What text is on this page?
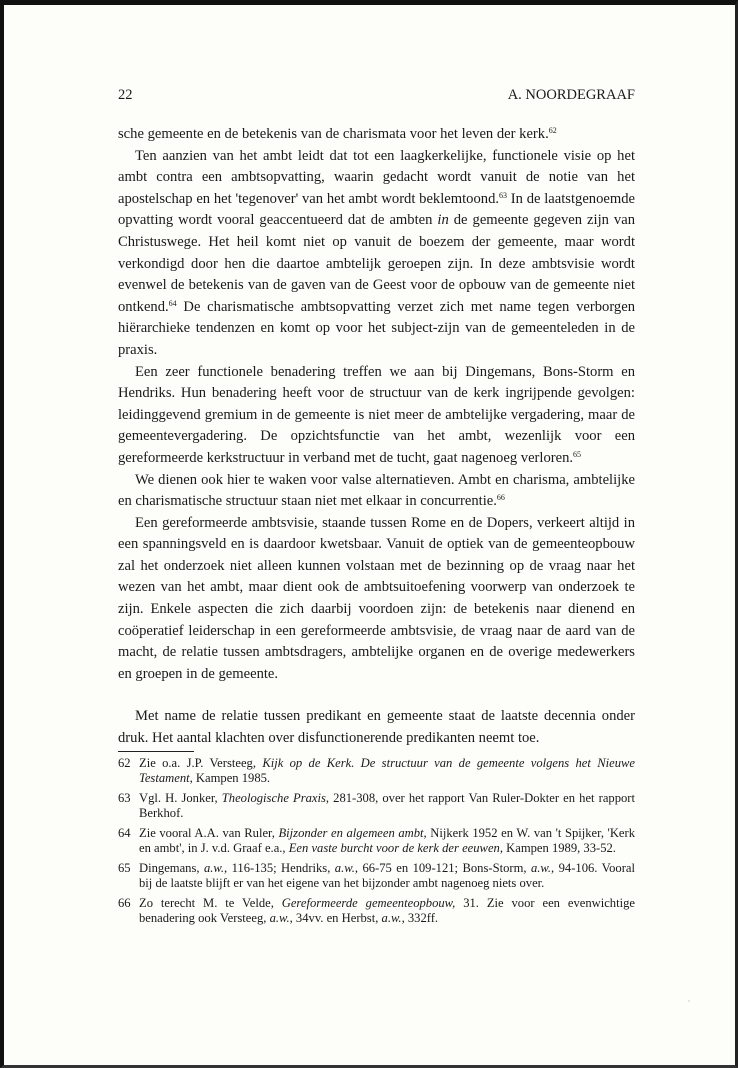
22	A. NOORDEGRAAF

sche gemeente en de betekenis van de charismata voor het leven der kerk.$^{62}$

Ten aanzien van het ambt leidt dat tot een laagkerkelijke, functionele visie op het ambt contra een ambtsopvatting, waarin gedacht wordt vanuit de notie van het apostelschap en het 'tegenover' van het ambt wordt beklemtoond.$^{63}$ In de laatstgenoemde opvatting wordt vooral geaccentueerd dat de ambten in de gemeente gegeven zijn van Christuswege. Het heil komt niet op vanuit de boezem der gemeente, maar wordt verkondigd door hen die daartoe ambtelijk geroepen zijn. In deze ambtsvisie wordt evenwel de betekenis van de gaven van de Geest voor de opbouw van de gemeente niet ontkend.$^{64}$ De charismatische ambtsopvatting verzet zich met name tegen verborgen hiërarchieke tendenzen en komt op voor het subject-zijn van de gemeenteleden in de praxis.

Een zeer functionele benadering treffen we aan bij Dingemans, Bons-Storm en Hendriks. Hun benadering heeft voor de structuur van de kerk ingrijpende gevolgen: leidinggevend gremium in de gemeente is niet meer de ambtelijke vergadering, maar de gemeentevergadering. De opzichtsfunctie van het ambt, wezenlijk voor een gereformeerde kerkstructuur in verband met de tucht, gaat nagenoeg verloren.$^{65}$

We dienen ook hier te waken voor valse alternatieven. Ambt en charisma, ambtelijke en charismatische structuur staan niet met elkaar in concurrentie.$^{66}$

Een gereformeerde ambtsvisie, staande tussen Rome en de Dopers, verkeert altijd in een spanningsveld en is daardoor kwetsbaar. Vanuit de optiek van de gemeenteopbouw zal het onderzoek niet alleen kunnen volstaan met de bezinning op de vraag naar het wezen van het ambt, maar dient ook de ambtsuitoefening voorwerp van onderzoek te zijn. Enkele aspecten die zich daarbij voordoen zijn: de betekenis naar dienend en coöperatief leiderschap in een gereformeerde ambtsvisie, de vraag naar de aard van de macht, de relatie tussen ambtsdragers, ambtelijke organen en de overige medewerkers en groepen in de gemeente.

Met name de relatie tussen predikant en gemeente staat de laatste decennia onder druk. Het aantal klachten over disfunctionerende predikanten neemt toe.

62 Zie o.a. J.P. Versteeg, Kijk op de Kerk. De structuur van de gemeente volgens het Nieuwe Testament, Kampen 1985.
63 Vgl. H. Jonker, Theologische Praxis, 281-308, over het rapport Van Ruler-Dokter en het rapport Berkhof.
64 Zie vooral A.A. van Ruler, Bijzonder en algemeen ambt, Nijkerk 1952 en W. van 't Spijker, 'Kerk en ambt', in J. v.d. Graaf e.a., Een vaste burcht voor de kerk der eeuwen, Kampen 1989, 33-52.
65 Dingemans, a.w., 116-135; Hendriks, a.w., 66-75 en 109-121; Bons-Storm, a.w., 94-106. Vooral bij de laatste blijft er van het eigene van het bijzonder ambt nagenoeg niets over.
66 Zo terecht M. te Velde, Gereformeerde gemeenteopbouw, 31. Zie voor een evenwichtige benadering ook Versteeg, a.w., 34vv. en Herbst, a.w., 332ff.
